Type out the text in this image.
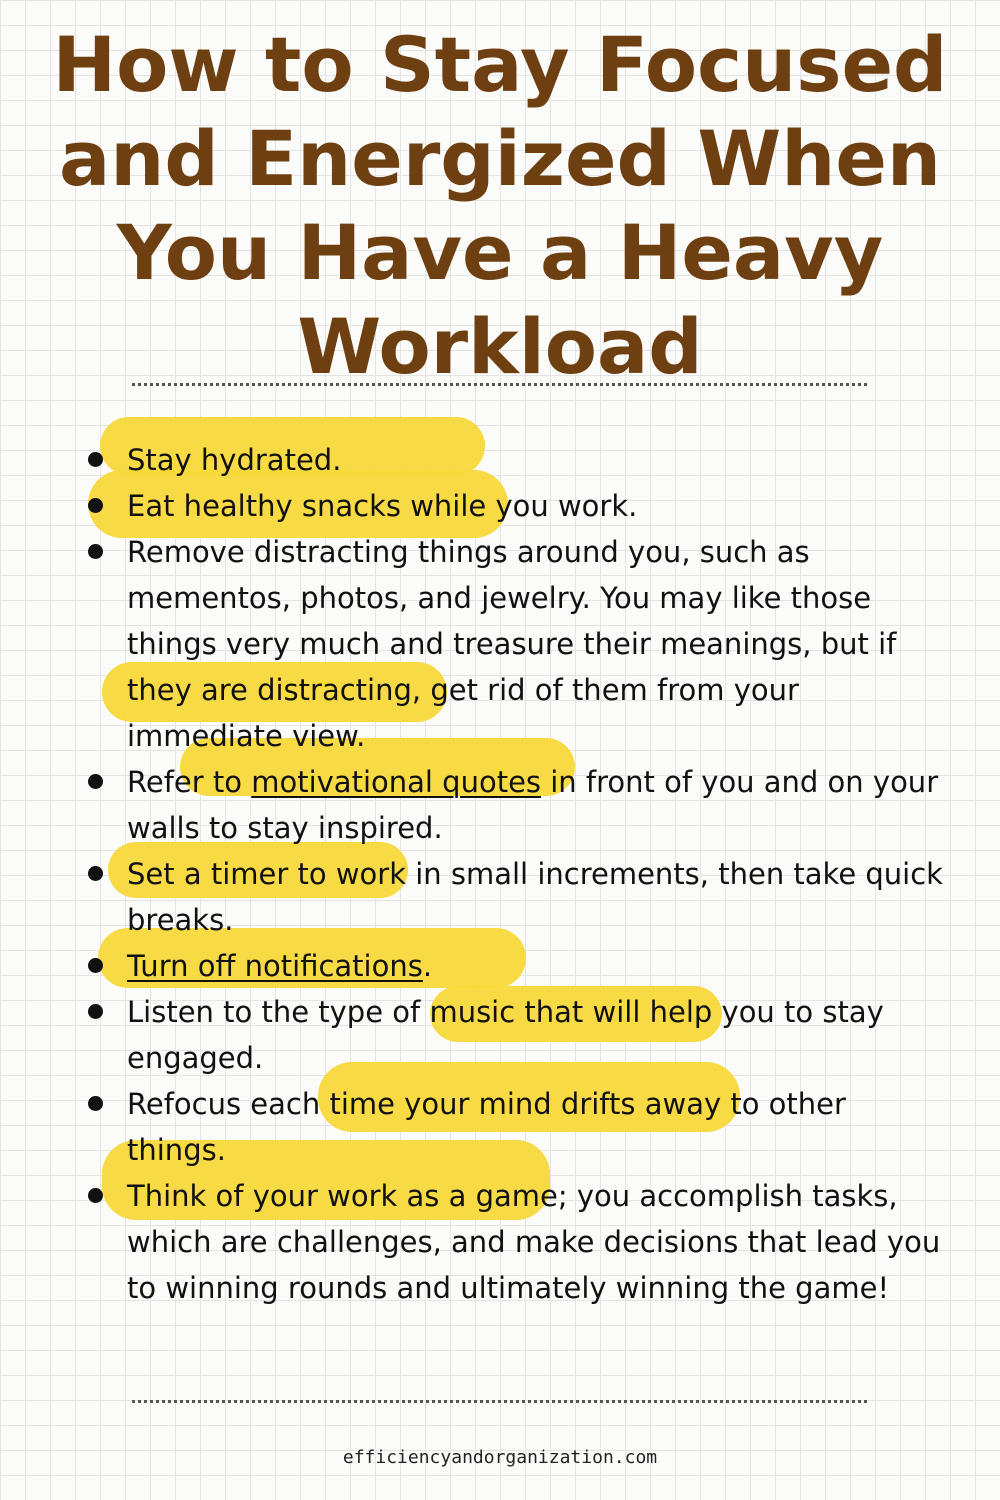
How to Stay Focused and Energized When You Have a Heavy Workload
Stay hydrated.
Eat healthy snacks while you work.
Remove distracting things around you, such as mementos, photos, and jewelry. You may like those things very much and treasure their meanings, but if they are distracting, get rid of them from your immediate view.
Refer to motivational quotes in front of you and on your walls to stay inspired.
Set a timer to work in small increments, then take quick breaks.
Turn off notifications.
Listen to the type of music that will help you to stay engaged.
Refocus each time your mind drifts away to other things.
Think of your work as a game; you accomplish tasks, which are challenges, and make decisions that lead you to winning rounds and ultimately winning the game!
efficiencyandorganization.com
